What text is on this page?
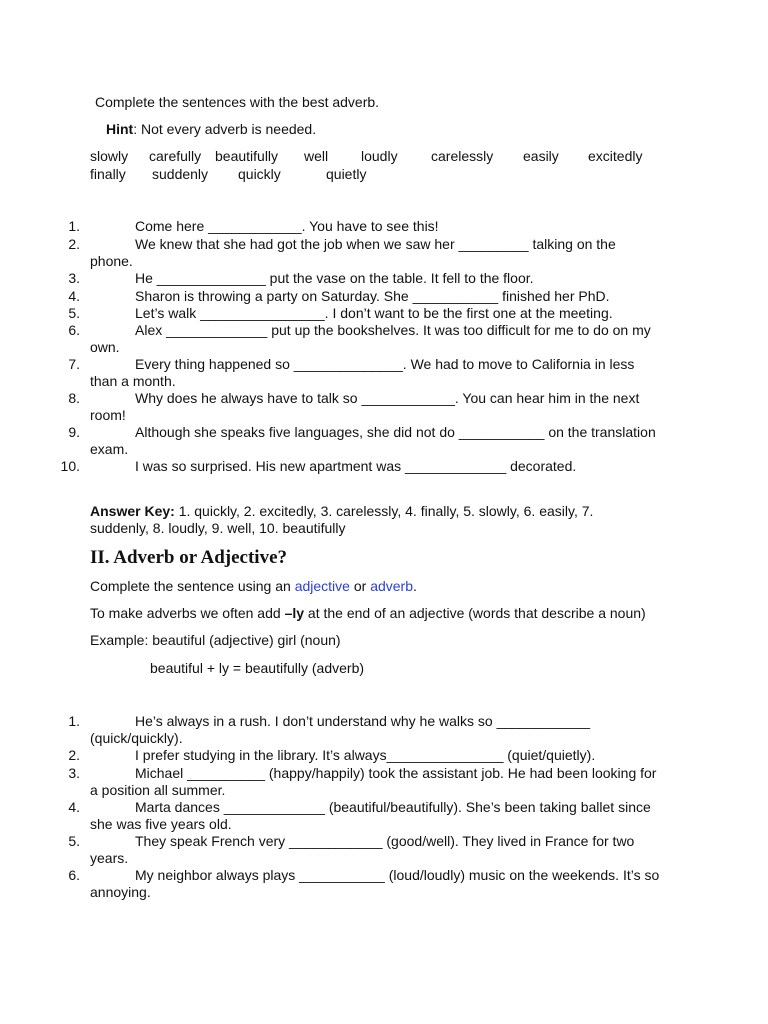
Complete the sentences with the best adverb.
Hint: Not every adverb is needed.
slowly carefully beautifully well loudly carelessly easily excitedly
finally suddenly quickly	quietly
1.	Come here ____________. You have to see this!
2.	We knew that she had got the job when we saw her _________ talking on the
phone.
3.	He ______________ put the vase on the table. It fell to the floor.
4.	Sharon is throwing a party on Saturday. She ___________ finished her PhD.
5.	Let’s walk ________________. I don’t want to be the first one at the meeting.
6.	Alex _____________ put up the bookshelves. It was too difficult for me to do on my
own.
7.	Every thing happened so ______________. We had to move to California in less
than a month.
8.	Why does he always have to talk so ____________. You can hear him in the next
room!
9.	Although she speaks five languages, she did not do ___________ on the translation
exam.
10.	I was so surprised. His new apartment was _____________ decorated.
Answer Key: 1. quickly, 2. excitedly, 3. carelessly, 4. finally, 5. slowly, 6. easily, 7.
suddenly, 8. loudly, 9. well, 10. beautifully
II. Adverb or Adjective?
Complete the sentence using an adjective or adverb.
To make adverbs we often add –ly at the end of an adjective (words that describe a noun)
Example: beautiful (adjective) girl (noun)
beautiful + ly = beautifully (adverb)
1.	He’s always in a rush. I don’t understand why he walks so ____________
(quick/quickly).
2.	I prefer studying in the library. It’s always_______________ (quiet/quietly).
3.	Michael __________ (happy/happily) took the assistant job. He had been looking for
a position all summer.
4.	Marta dances _____________ (beautiful/beautifully). She’s been taking ballet since
she was five years old.
5.	They speak French very ____________ (good/well). They lived in France for two
years.
6.	My neighbor always plays ___________ (loud/loudly) music on the weekends. It’s so
annoying.
